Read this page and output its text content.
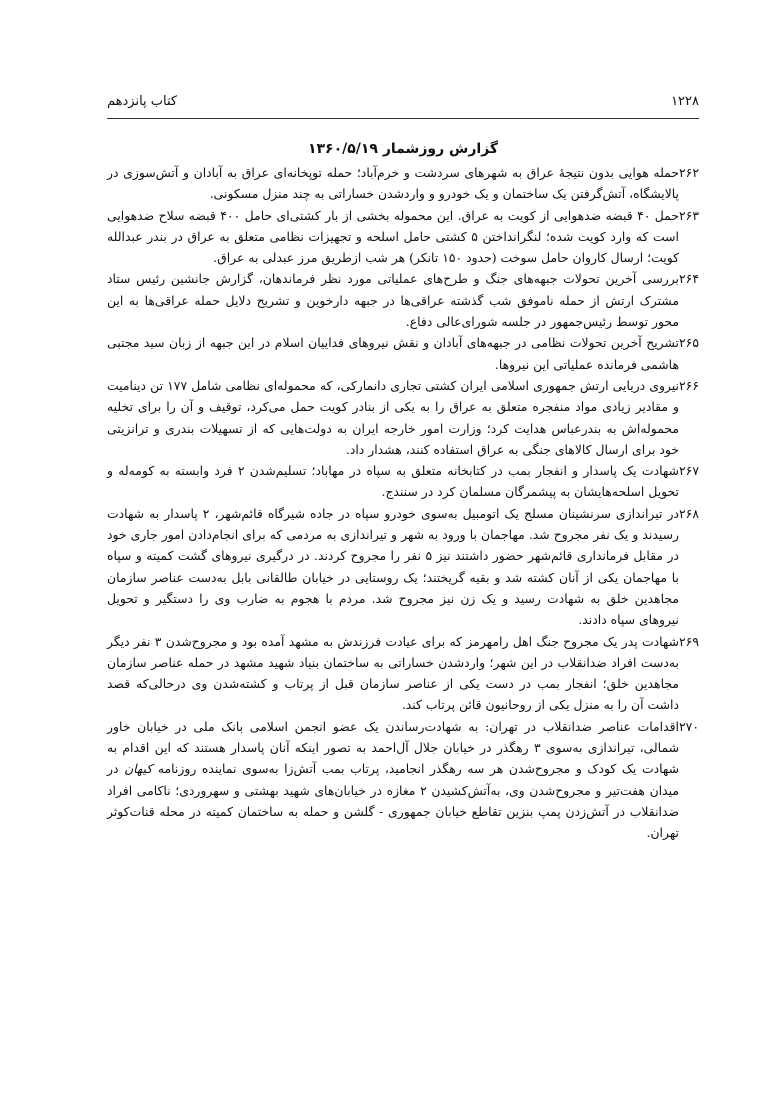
۱۲۲۸
کتاب پانزدهم
گزارش روزشمار ۱۳۶۰/۵/۱۹
۲۶۲
حمله هوایی بدون نتیجهٔ عراق به شهرهای سردشت و خرم‌آباد؛ حمله توپخانه‌ای عراق به آبادان و آتش‌سوزی در پالایشگاه، آتش‌گرفتن یک ساختمان و یک خودرو و واردشدن خساراتی به چند منزل مسکونی.
۲۶۳
حمل ۴۰ قبضه ضدهوایی از کویت به عراق. این محموله بخشی از بار کشتی‌ای حامل ۴۰۰ قبضه سلاح ضدهوایی است که وارد کویت شده؛ لنگرانداختن ۵ کشتی حامل اسلحه و تجهیزات نظامی متعلق به عراق در بندر عبدالله کویت؛ ارسال کاروان حامل سوخت (حدود ۱۵۰ تانکر) هر شب ازطریق مرز عبدلی به عراق.
۲۶۴
بررسی آخرین تحولات جبهه‌های جنگ و طرح‌های عملیاتی مورد نظر فرماندهان، گزارش جانشین رئیس ستاد مشترک ارتش از حمله ناموفق شب گذشته عراقی‌ها در جبهه دارخوین و تشریح دلایل حمله عراقی‌ها به این محور توسط رئیس‌جمهور در جلسه شورای‌عالی دفاع.
۲۶۵
تشریح آخرین تحولات نظامی در جبهه‌های آبادان و نقش نیروهای فداییان اسلام در این جبهه از زبان سید مجتبی هاشمی فرمانده عملیاتی این نیروها.
۲۶۶
نیروی دریایی ارتش جمهوری اسلامی ایران کشتی تجاری دانمارکی، که محموله‌ای نظامی شامل ۱۷۷ تن دینامیت و مقادیر زیادی مواد منفجره متعلق به عراق را به یکی از بنادر کویت حمل می‌کرد، توقیف و آن را برای تخلیه محموله‌اش به بندرعباس هدایت کرد؛ وزارت امور خارجه ایران به دولت‌هایی که از تسهیلات بندری و ترانزیتی خود برای ارسال کالاهای جنگی به عراق استفاده کنند، هشدار داد.
۲۶۷
شهادت یک پاسدار و انفجار بمب در کتابخانه متعلق به سپاه در مهاباد؛ تسلیم‌شدن ۲ فرد وابسته به کومه‌له و تحویل اسلحه‌هایشان به پیشمرگان مسلمان کرد در سنندج.
۲۶۸
در تیراندازی سرنشینان مسلح یک اتومبیل به‌سوی خودرو سپاه در جاده شیرگاه قائم‌شهر، ۲ پاسدار به شهادت رسیدند و یک نفر مجروح شد. مهاجمان با ورود به شهر و تیراندازی به مردمی که برای انجام‌دادن امور جاری خود در مقابل فرمانداری قائم‌شهر حضور داشتند نیز ۵ نفر را مجروح کردند. در درگیری نیروهای گشت کمیته و سپاه با مهاجمان یکی از آنان کشته شد و بقیه گریختند؛ یک روستایی در خیابان طالقانی بابل به‌دست عناصر سازمان مجاهدین خلق به شهادت رسید و یک زن نیز مجروح شد. مردم با هجوم به ضارب وی را دستگیر و تحویل نیروهای سپاه دادند.
۲۶۹
شهادت پدر یک مجروح جنگ اهل رامهرمز که برای عیادت فرزندش به مشهد آمده بود و مجروح‌شدن ۳ نفر دیگر به‌دست افراد ضدانقلاب در این شهر؛ واردشدن خساراتی به ساختمان بنیاد شهید مشهد در حمله عناصر سازمان مجاهدین خلق؛ انفجار بمب در دست یکی از عناصر سازمان قبل از پرتاب و کشته‌شدن وی درحالی‌که قصد داشت آن را به منزل یکی از روحانیون قائن پرتاب کند.
۲۷۰
اقدامات عناصر ضدانقلاب در تهران: به شهادت‌رساندن یک عضو انجمن اسلامی بانک ملی در خیابان خاور شمالی، تیراندازی به‌سوی ۳ رهگذر در خیابان جلال آل‌احمد به تصور اینکه آنان پاسدار هستند که این اقدام به شهادت یک کودک و مجروح‌شدن هر سه رهگذر انجامید، پرتاب بمب آتش‌زا به‌سوی نماینده روزنامه کیهان در میدان هفت‌تیر و مجروح‌شدن وی، به‌آتش‌کشیدن ۲ مغازه در خیابان‌های شهید بهشتی و سهروردی؛ ناکامی افراد ضدانقلاب در آتش‌زدن پمپ بنزین تقاطع خیابان جمهوری - گلشن و حمله به ساختمان کمیته در محله قنات‌کوثر تهران.
